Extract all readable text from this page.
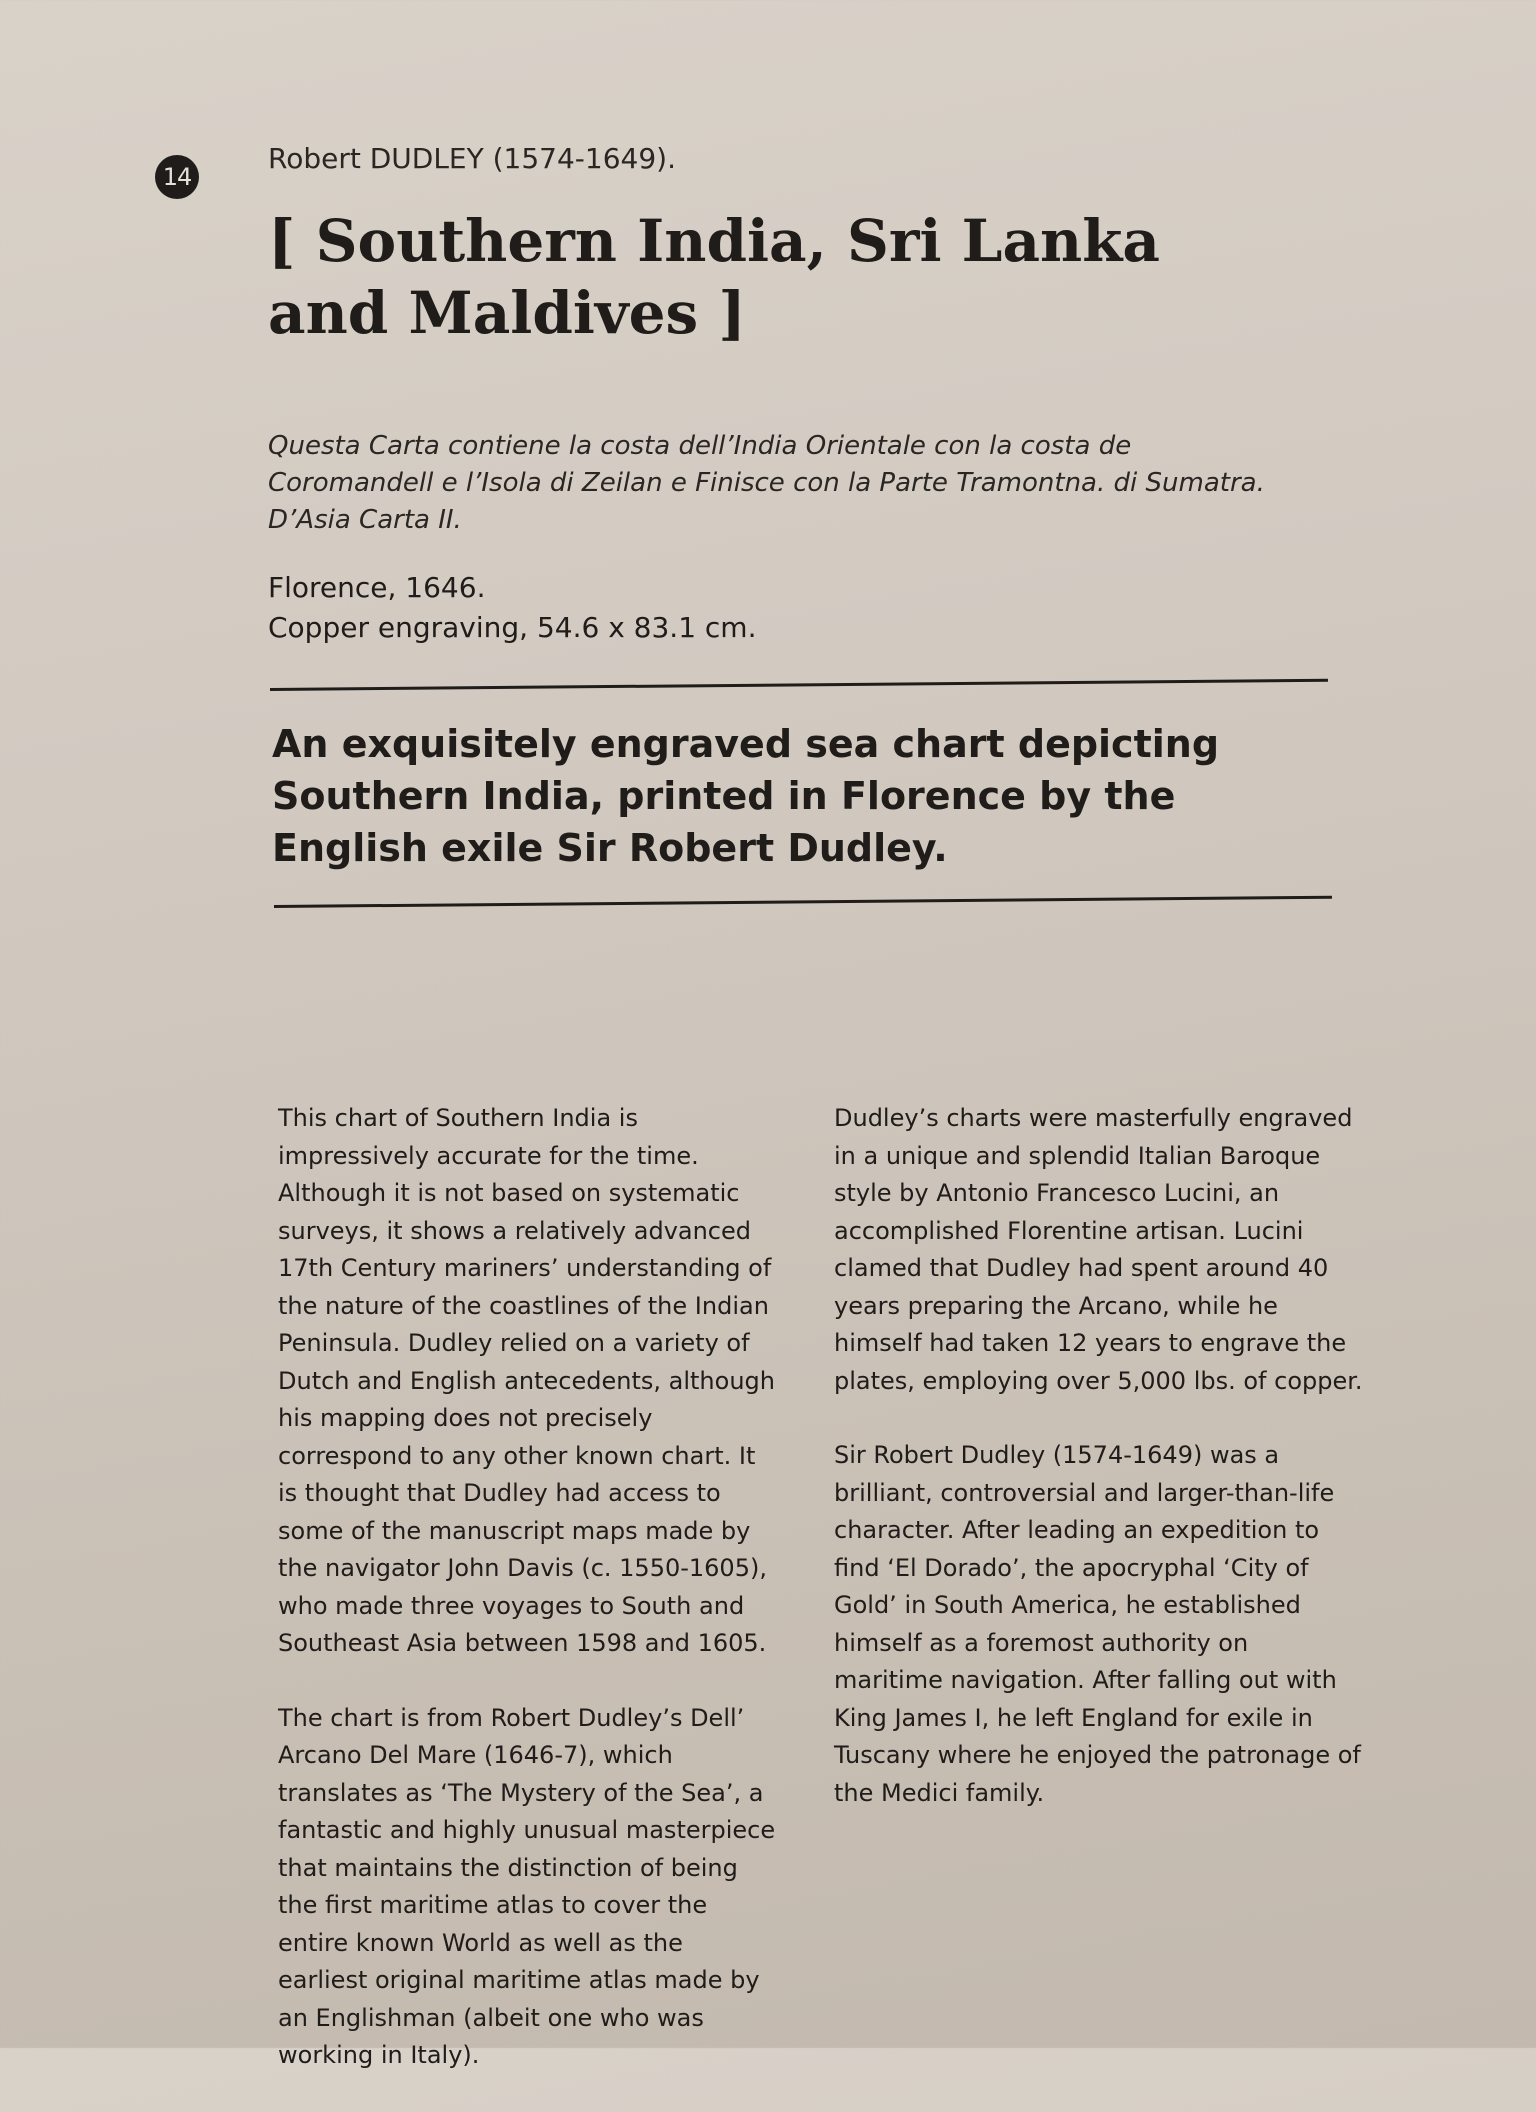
14
Robert DUDLEY (1574-1649).
[ Southern India, Sri Lanka and Maldives ]

Questa Carta contiene la costa dell’India Orientale con la costa de Coromandell e l’Isola di Zeilan e Finisce con la Parte Tramontna. di Sumatra. D’Asia Carta II.

Florence, 1646.
Copper engraving, 54.6 x 83.1 cm.

An exquisitely engraved sea chart depicting Southern India, printed in Florence by the English exile Sir Robert Dudley.

This chart of Southern India is impressively accurate for the time. Although it is not based on systematic surveys, it shows a relatively advanced 17th Century mariners’ understanding of the nature of the coastlines of the Indian Peninsula. Dudley relied on a variety of Dutch and English antecedents, although his mapping does not precisely correspond to any other known chart. It is thought that Dudley had access to some of the manuscript maps made by the navigator John Davis (c. 1550-1605), who made three voyages to South and Southeast Asia between 1598 and 1605.

The chart is from Robert Dudley’s Dell’ Arcano Del Mare (1646-7), which translates as ‘The Mystery of the Sea’, a fantastic and highly unusual masterpiece that maintains the distinction of being the first maritime atlas to cover the entire known World as well as the earliest original maritime atlas made by an Englishman (albeit one who was working in Italy).

Dudley’s charts were masterfully engraved in a unique and splendid Italian Baroque style by Antonio Francesco Lucini, an accomplished Florentine artisan. Lucini clamed that Dudley had spent around 40 years preparing the Arcano, while he himself had taken 12 years to engrave the plates, employing over 5,000 lbs. of copper.

Sir Robert Dudley (1574-1649) was a brilliant, controversial and larger-than-life character. After leading an expedition to find ‘El Dorado’, the apocryphal ‘City of Gold’ in South America, he established himself as a foremost authority on maritime navigation. After falling out with King James I, he left England for exile in Tuscany where he enjoyed the patronage of the Medici family.
